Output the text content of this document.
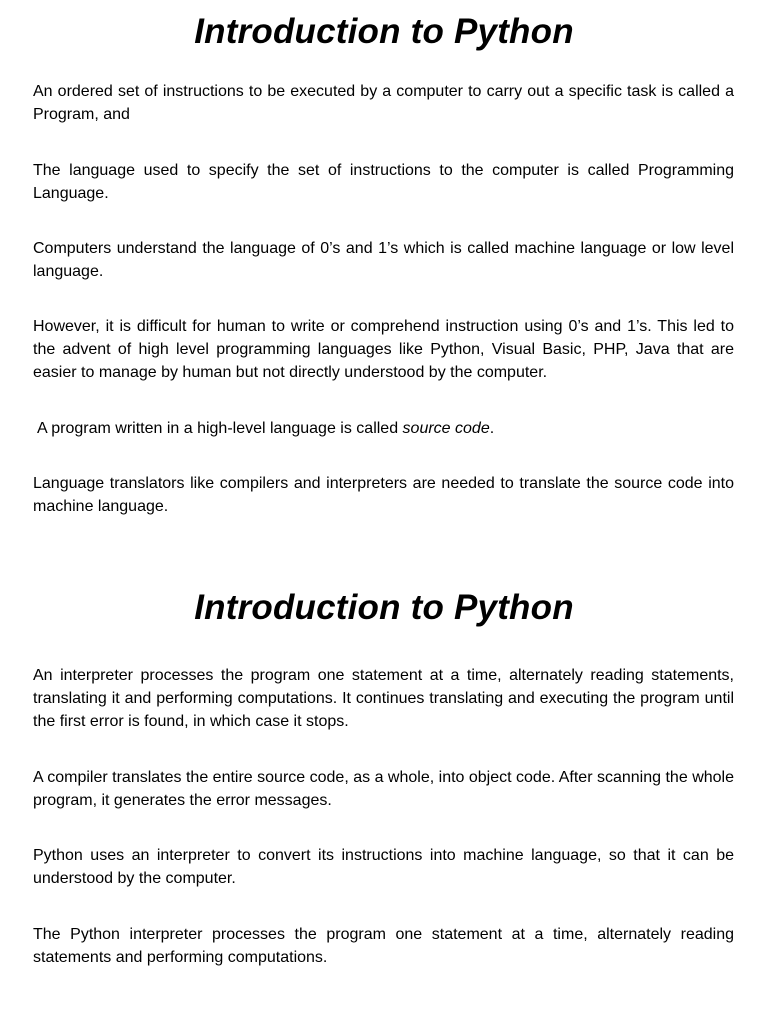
Introduction to Python

An ordered set of instructions to be executed by a computer to carry out a specific task is called a Program, and

The language used to specify the set of instructions to the computer is called Programming Language.

Computers understand the language of 0’s and 1’s which is called machine language or low level language.

However, it is difficult for human to write or comprehend instruction using 0’s and 1’s. This led to the advent of high level programming languages like Python, Visual Basic, PHP, Java that are easier to manage by human but not directly understood by the computer.

A program written in a high-level language is called source code.

Language translators like compilers and interpreters are needed to translate the source code into machine language.

Introduction to Python

An interpreter processes the program one statement at a time, alternately reading statements, translating it and performing computations. It continues translating and executing the program until the first error is found, in which case it stops.

A compiler translates the entire source code, as a whole, into object code. After scanning the whole program, it generates the error messages.

Python uses an interpreter to convert its instructions into machine language, so that it can be understood by the computer.

The Python interpreter processes the program one statement at a time, alternately reading statements and performing computations.
